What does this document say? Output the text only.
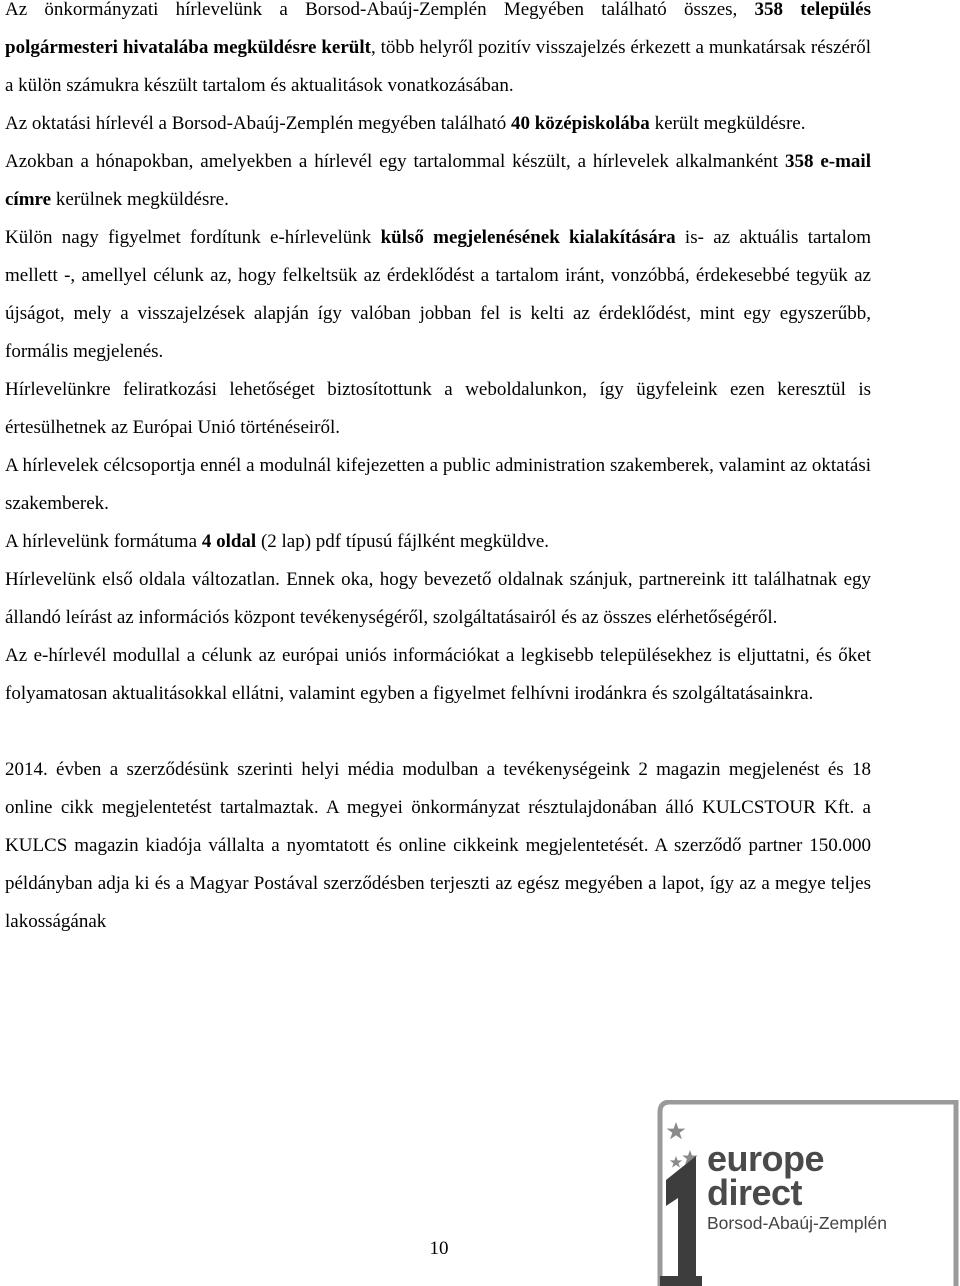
Az önkormányzati hírlevelünk a Borsod-Abaúj-Zemplén Megyében található összes, 358 település polgármesteri hivatalába megküldésre került, több helyről pozitív visszajelzés érkezett a munkatársak részéről a külön számukra készült tartalom és aktualitások vonatkozásában.

Az oktatási hírlevél a Borsod-Abaúj-Zemplén megyében található 40 középiskolába került megküldésre.

Azokban a hónapokban, amelyekben a hírlevél egy tartalommal készült, a hírlevelek alkalmanként 358 e-mail címre kerülnek megküldésre.

Külön nagy figyelmet fordítunk e-hírlevelünk külső megjelenésének kialakítására is- az aktuális tartalom mellett -, amellyel célunk az, hogy felkeltsük az érdeklődést a tartalom iránt, vonzóbbá, érdekesebbé tegyük az újságot, mely a visszajelzések alapján így valóban jobban fel is kelti az érdeklődést, mint egy egyszerűbb, formális megjelenés.

Hírlevelünkre feliratkozási lehetőséget biztosítottunk a weboldalunkon, így ügyfeleink ezen keresztül is értesülhetnek az Európai Unió történéseiről.

A hírlevelek célcsoportja ennél a modulnál kifejezetten a public administration szakemberek, valamint az oktatási szakemberek.

A hírlevelünk formátuma 4 oldal (2 lap) pdf típusú fájlként megküldve.

Hírlevelünk első oldala változatlan. Ennek oka, hogy bevezető oldalnak szánjuk, partnereink itt találhatnak egy állandó leírást az információs központ tevékenységéről, szolgáltatásairól és az összes elérhetőségéről.

Az e-hírlevél modullal a célunk az európai uniós információkat a legkisebb településekhez is eljuttatni, és őket folyamatosan aktualitásokkal ellátni, valamint egyben a figyelmet felhívni irodánkra és szolgáltatásainkra.

2014. évben a szerződésünk szerinti helyi média modulban a tevékenységeink 2 magazin megjelenést és 18 online cikk megjelentetést tartalmaztak. A megyei önkormányzat résztulajdonában álló KULCSTOUR Kft. a KULCS magazin kiadója vállalta a nyomtatott és online cikkeink megjelentetését. A szerződő partner 150.000 példányban adja ki és a Magyar Postával szerződésben terjeszti az egész megyében a lapot, így az a megye teljes lakosságának

10
europe
direct
Borsod-Abaúj-Zemplén
